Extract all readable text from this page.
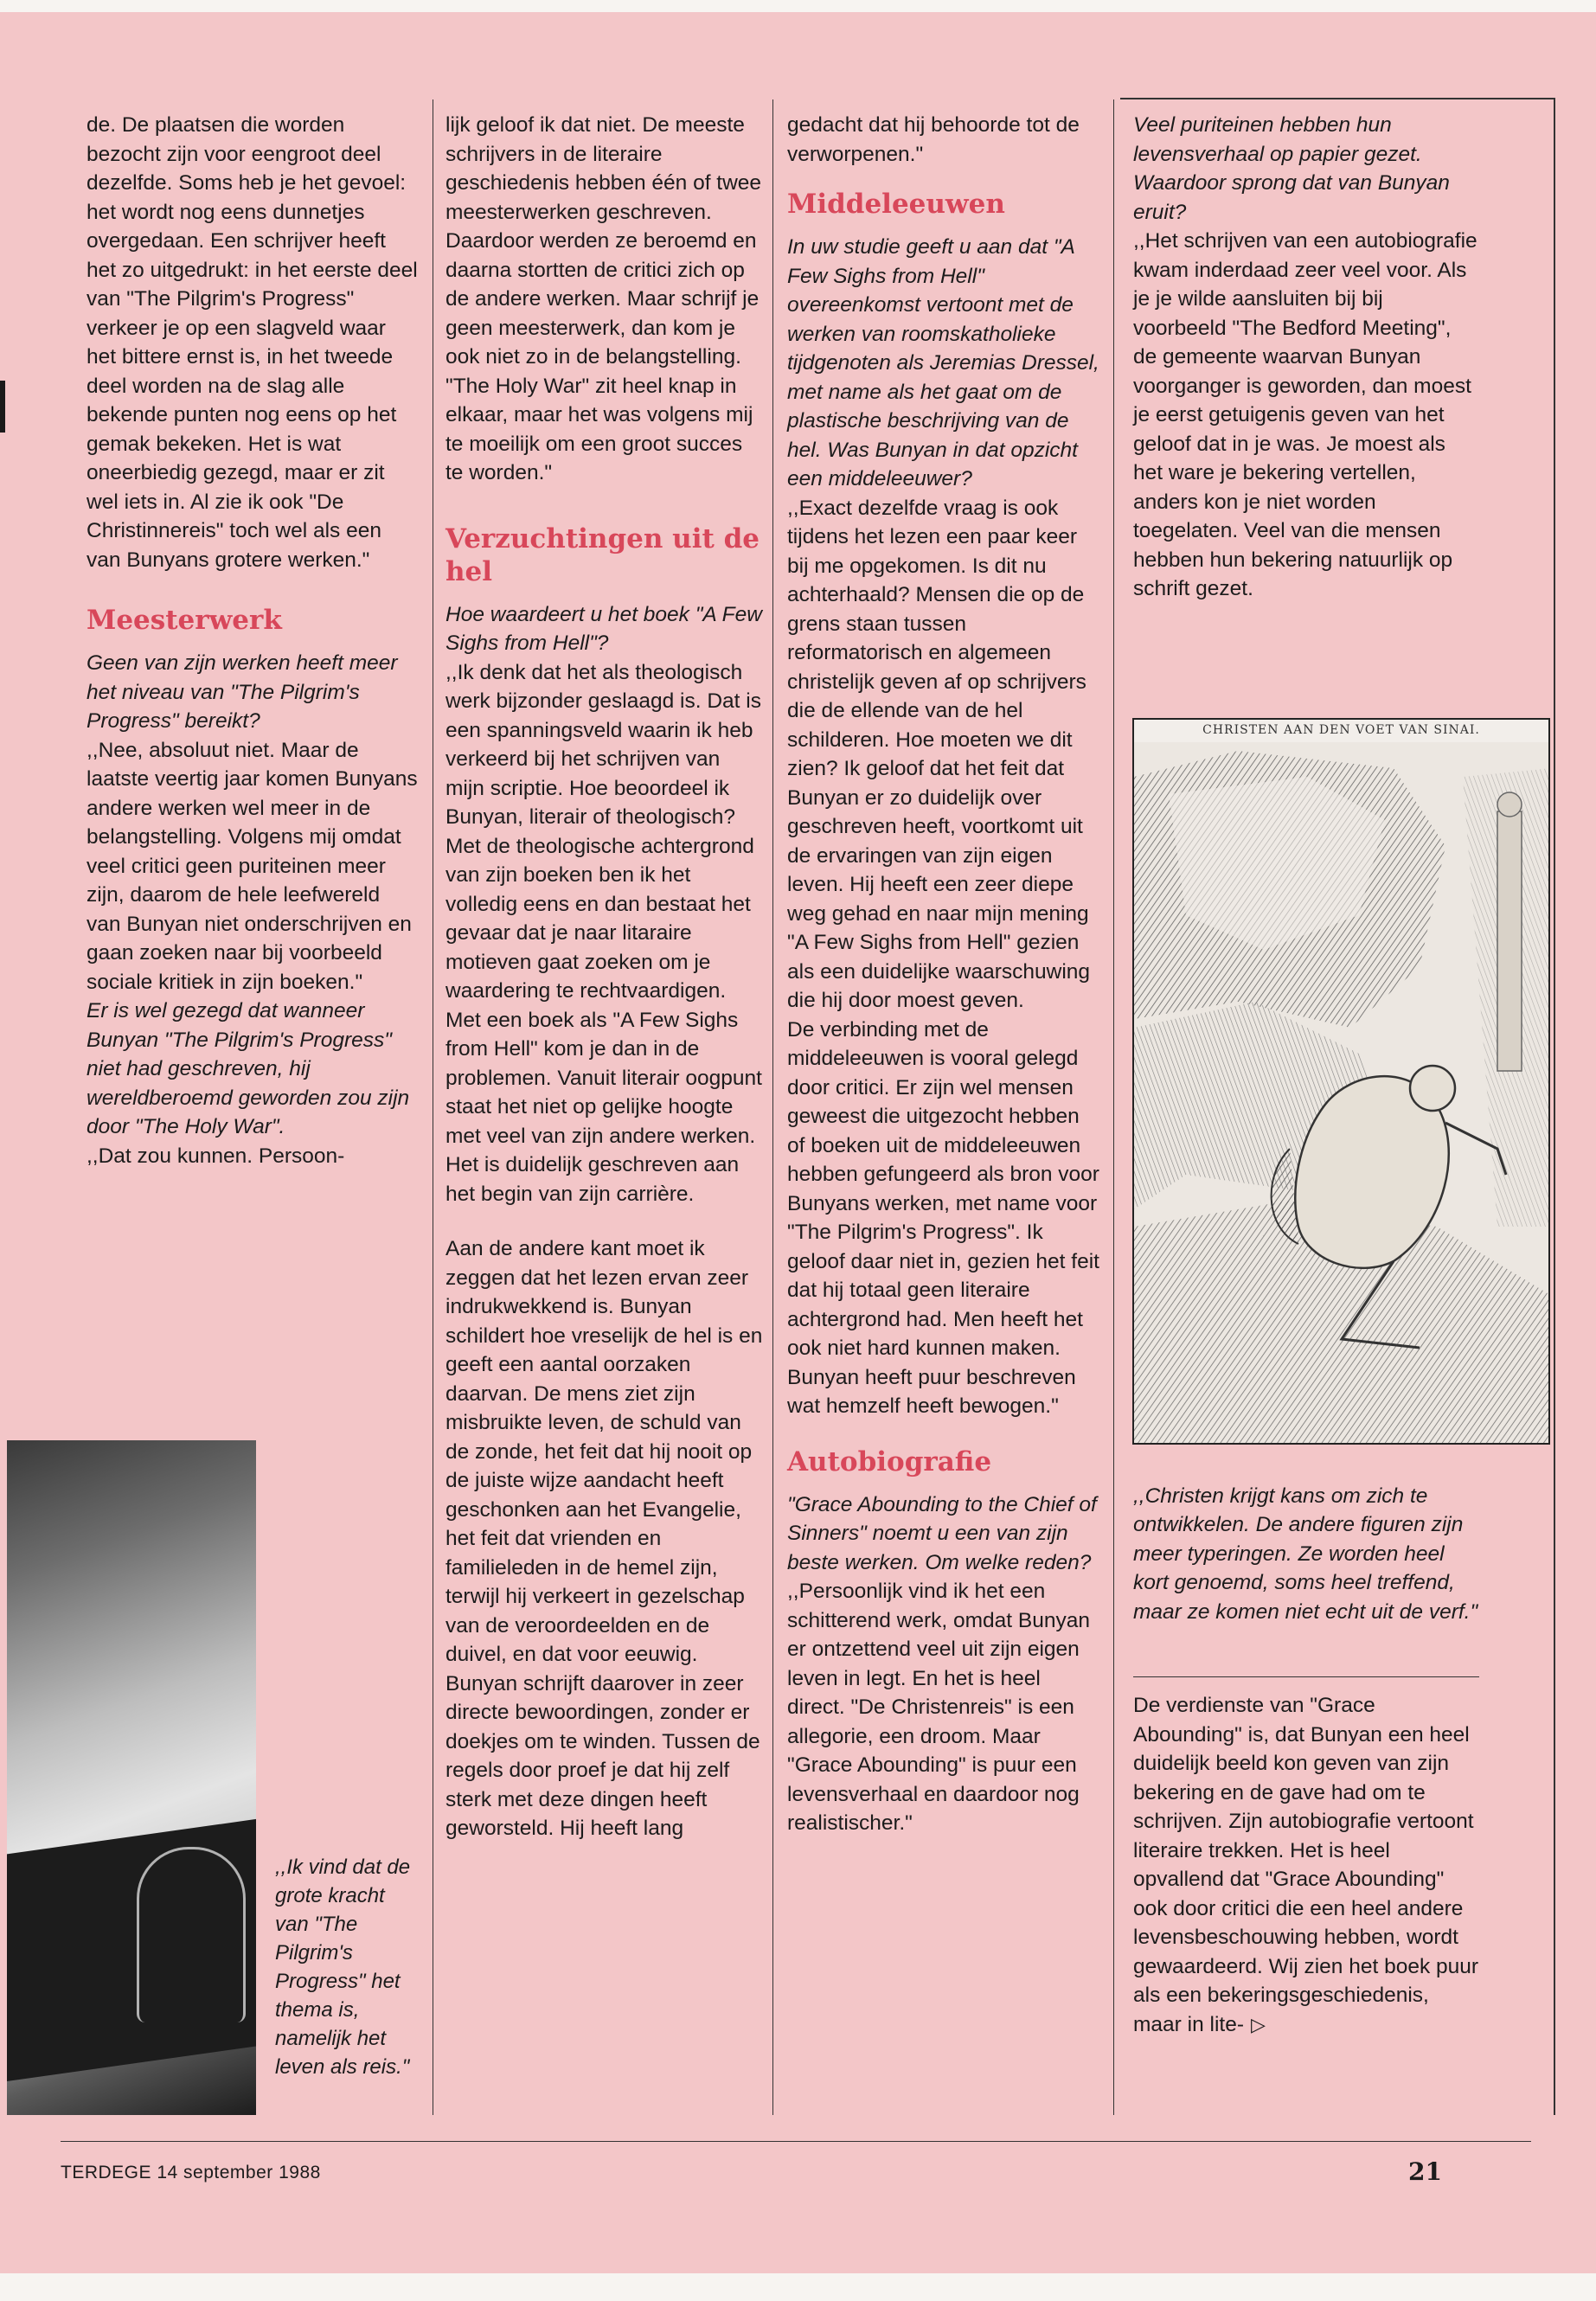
de. De plaatsen die worden bezocht zijn voor eengroot deel dezelfde. Soms heb je het gevoel: het wordt nog eens dunnetjes overgedaan. Een schrijver heeft het zo uitgedrukt: in het eerste deel van "The Pilgrim's Progress" verkeer je op een slagveld waar het bittere ernst is, in het tweede deel worden na de slag alle bekende punten nog eens op het gemak bekeken. Het is wat oneerbiedig gezegd, maar er zit wel iets in. Al zie ik ook "De Christinnereis" toch wel als een van Bunyans grotere werken."

Meesterwerk

Geen van zijn werken heeft meer het niveau van "The Pilgrim's Progress" bereikt?

,,Nee, absoluut niet. Maar de laatste veertig jaar komen Bunyans andere werken wel meer in de belangstelling. Volgens mij omdat veel critici geen puriteinen meer zijn, daarom de hele leefwereld van Bunyan niet onderschrijven en gaan zoeken naar bij voorbeeld sociale kritiek in zijn boeken."

Er is wel gezegd dat wanneer Bunyan "The Pilgrim's Progress" niet had geschreven, hij wereldberoemd geworden zou zijn door "The Holy War".

,,Dat zou kunnen. Persoon-

,,Ik vind dat de grote kracht van "The Pilgrim's Progress" het thema is, namelijk het leven als reis."

lijk geloof ik dat niet. De meeste schrijvers in de literaire geschiedenis hebben één of twee meesterwerken geschreven. Daardoor werden ze beroemd en daarna stortten de critici zich op de andere werken. Maar schrijf je geen meesterwerk, dan kom je ook niet zo in de belangstelling. "The Holy War" zit heel knap in elkaar, maar het was volgens mij te moeilijk om een groot succes te worden."

Verzuchtingen uit de hel

Hoe waardeert u het boek "A Few Sighs from Hell"?

,,Ik denk dat het als theologisch werk bijzonder geslaagd is. Dat is een spanningsveld waarin ik heb verkeerd bij het schrijven van mijn scriptie. Hoe beoordeel ik Bunyan, literair of theologisch? Met de theologische achtergrond van zijn boeken ben ik het volledig eens en dan bestaat het gevaar dat je naar litaraire motieven gaat zoeken om je waardering te rechtvaardigen. Met een boek als "A Few Sighs from Hell" kom je dan in de problemen. Vanuit literair oogpunt staat het niet op gelijke hoogte met veel van zijn andere werken. Het is duidelijk geschreven aan het begin van zijn carrière.

Aan de andere kant moet ik zeggen dat het lezen ervan zeer indrukwekkend is. Bunyan schildert hoe vreselijk de hel is en geeft een aantal oorzaken daarvan. De mens ziet zijn misbruikte leven, de schuld van de zonde, het feit dat hij nooit op de juiste wijze aandacht heeft geschonken aan het Evangelie, het feit dat vrienden en familieleden in de hemel zijn, terwijl hij verkeert in gezelschap van de veroordeelden en de duivel, en dat voor eeuwig. Bunyan schrijft daarover in zeer directe bewoordingen, zonder er doekjes om te winden. Tussen de regels door proef je dat hij zelf sterk met deze dingen heeft geworsteld. Hij heeft lang

gedacht dat hij behoorde tot de verworpenen."

Middeleeuwen

In uw studie geeft u aan dat "A Few Sighs from Hell" overeenkomst vertoont met de werken van roomskatholieke tijdgenoten als Jeremias Dressel, met name als het gaat om de plastische beschrijving van de hel. Was Bunyan in dat opzicht een middeleeuwer?

,,Exact dezelfde vraag is ook tijdens het lezen een paar keer bij me opgekomen. Is dit nu achterhaald? Mensen die op de grens staan tussen reformatorisch en algemeen christelijk geven af op schrijvers die de ellende van de hel schilderen. Hoe moeten we dit zien? Ik geloof dat het feit dat Bunyan er zo duidelijk over geschreven heeft, voortkomt uit de ervaringen van zijn eigen leven. Hij heeft een zeer diepe weg gehad en naar mijn mening "A Few Sighs from Hell" gezien als een duidelijke waarschuwing die hij door moest geven.

De verbinding met de middeleeuwen is vooral gelegd door critici. Er zijn wel mensen geweest die uitgezocht hebben of boeken uit de middeleeuwen hebben gefungeerd als bron voor Bunyans werken, met name voor "The Pilgrim's Progress". Ik geloof daar niet in, gezien het feit dat hij totaal geen literaire achtergrond had. Men heeft het ook niet hard kunnen maken. Bunyan heeft puur beschreven wat hemzelf heeft bewogen."

Autobiografie

"Grace Abounding to the Chief of Sinners" noemt u een van zijn beste werken. Om welke reden?

,,Persoonlijk vind ik het een schitterend werk, omdat Bunyan er ontzettend veel uit zijn eigen leven in legt. En het is heel direct. "De Christenreis" is een allegorie, een droom. Maar "Grace Abounding" is puur een levensverhaal en daardoor nog realistischer."

Veel puriteinen hebben hun levensverhaal op papier gezet. Waardoor sprong dat van Bunyan eruit?

,,Het schrijven van een autobiografie kwam inderdaad zeer veel voor. Als je je wilde aansluiten bij bij voorbeeld "The Bedford Meeting", de gemeente waarvan Bunyan voorganger is geworden, dan moest je eerst getuigenis geven van het geloof dat in je was. Je moest als het ware je bekering vertellen, anders kon je niet worden toegelaten. Veel van die mensen hebben hun bekering natuurlijk op schrift gezet.

CHRISTEN AAN DEN VOET VAN SINAI.

,,Christen krijgt kans om zich te ontwikkelen. De andere figuren zijn meer typeringen. Ze worden heel kort genoemd, soms heel treffend, maar ze komen niet echt uit de verf."

De verdienste van "Grace Abounding" is, dat Bunyan een heel duidelijk beeld kon geven van zijn bekering en de gave had om te schrijven. Zijn autobiografie vertoont literaire trekken. Het is heel opvallend dat "Grace Abounding" ook door critici die een heel andere levensbeschouwing hebben, wordt gewaardeerd. Wij zien het boek puur als een bekeringsgeschiedenis, maar in lite- ▷

TERDEGE 14 september 1988	21
